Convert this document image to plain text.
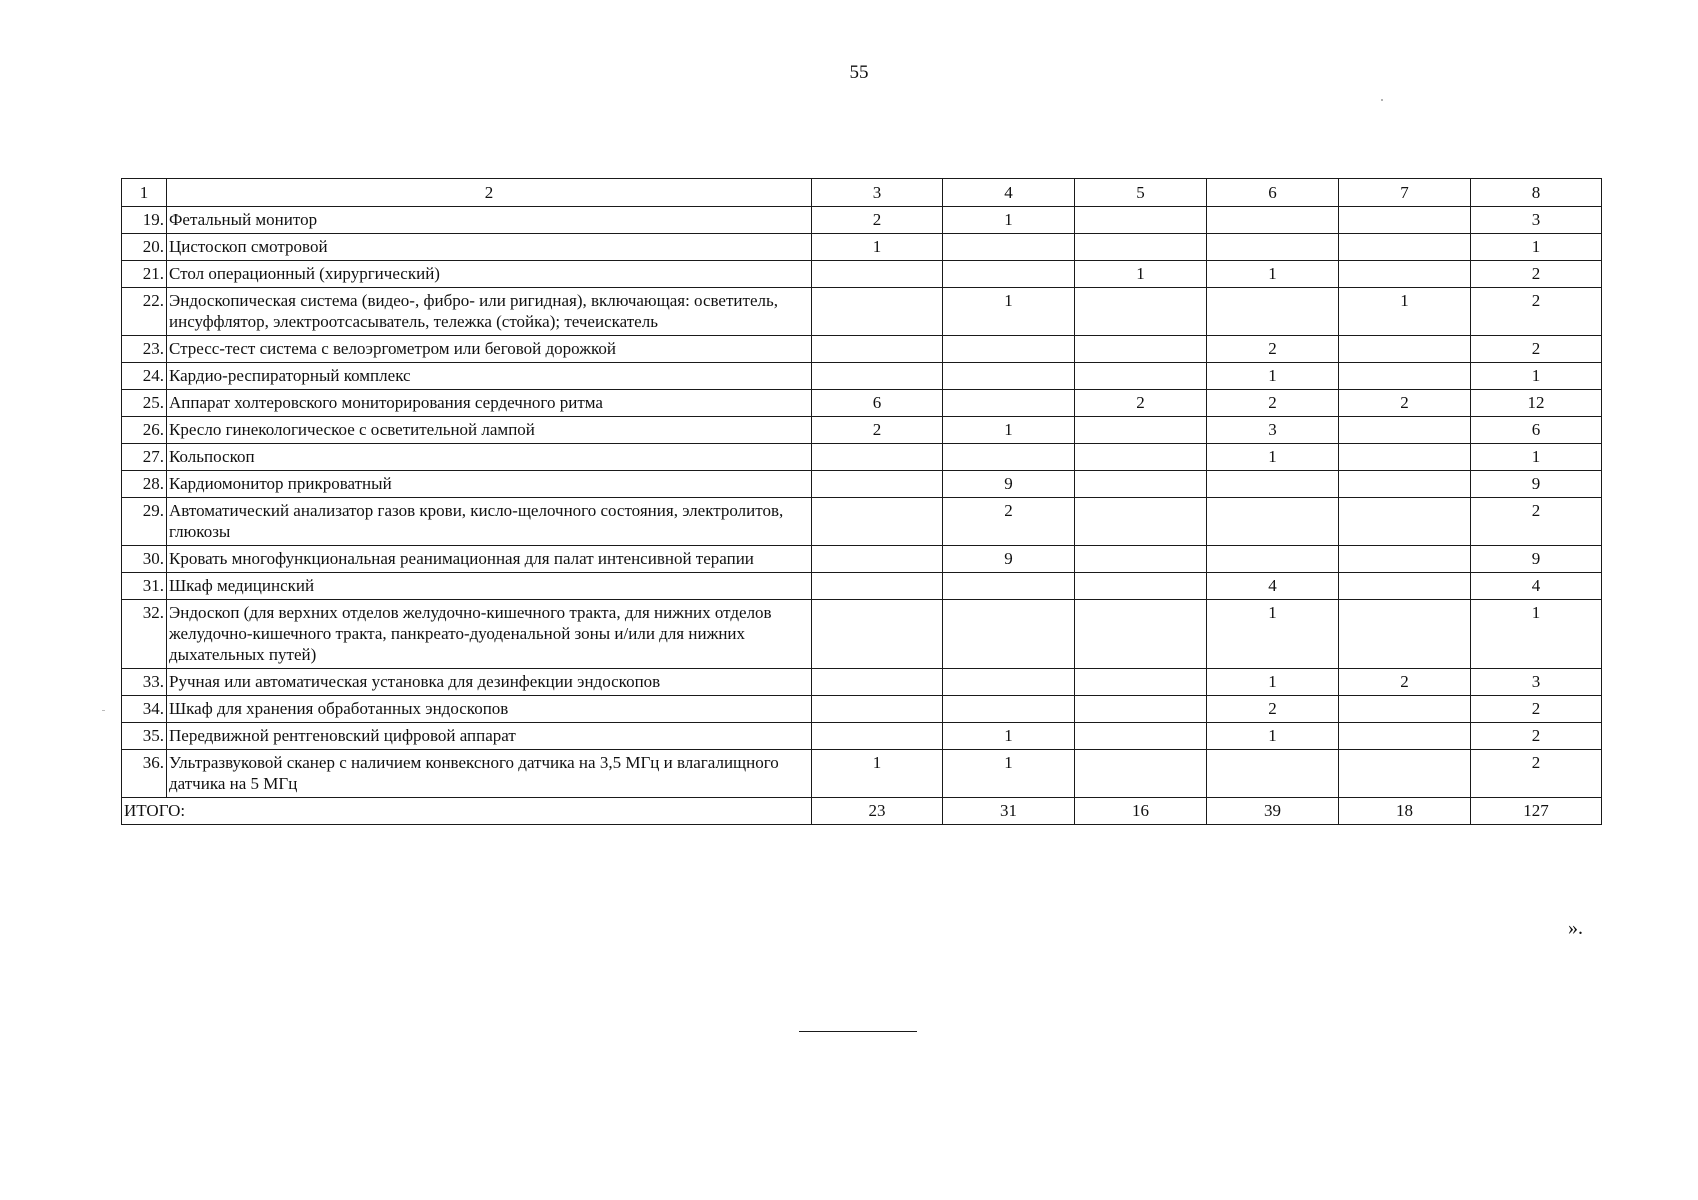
55
1	2	3	4	5	6	7	8
19.	Фетальный монитор	2	1				3
20.	Цистоскоп смотровой	1					1
21.	Стол операционный (хирургический)			1	1		2
22.	Эндоскопическая система (видео-, фибро- или ригидная), включающая: осветитель, инсуффлятор, электроотсасыватель, тележка (стойка); течеискатель		1			1	2
23.	Стресс-тест система с велоэргометром или беговой дорожкой				2		2
24.	Кардио-респираторный комплекс				1		1
25.	Аппарат холтеровского мониторирования сердечного ритма	6		2	2	2	12
26.	Кресло гинекологическое с осветительной лампой	2	1		3		6
27.	Кольпоскоп				1		1
28.	Кардиомонитор прикроватный		9				9
29.	Автоматический анализатор газов крови, кисло-щелочного состояния, электролитов, глюкозы		2				2
30.	Кровать многофункциональная реанимационная для палат интенсивной терапии		9				9
31.	Шкаф медицинский				4		4
32.	Эндоскоп (для верхних отделов желудочно-кишечного тракта, для нижних отделов желудочно-кишечного тракта, панкреато-дуоденальной зоны и/или для нижних дыхательных путей)				1		1
33.	Ручная или автоматическая установка для дезинфекции эндоскопов				1	2	3
34.	Шкаф для хранения обработанных эндоскопов				2		2
35.	Передвижной рентгеновский цифровой аппарат		1		1		2
36.	Ультразвуковой сканер с наличием конвексного датчика на 3,5 МГц и влагалищного датчика на 5 МГц	1	1				2
ИТОГО:		23	31	16	39	18	127
».
